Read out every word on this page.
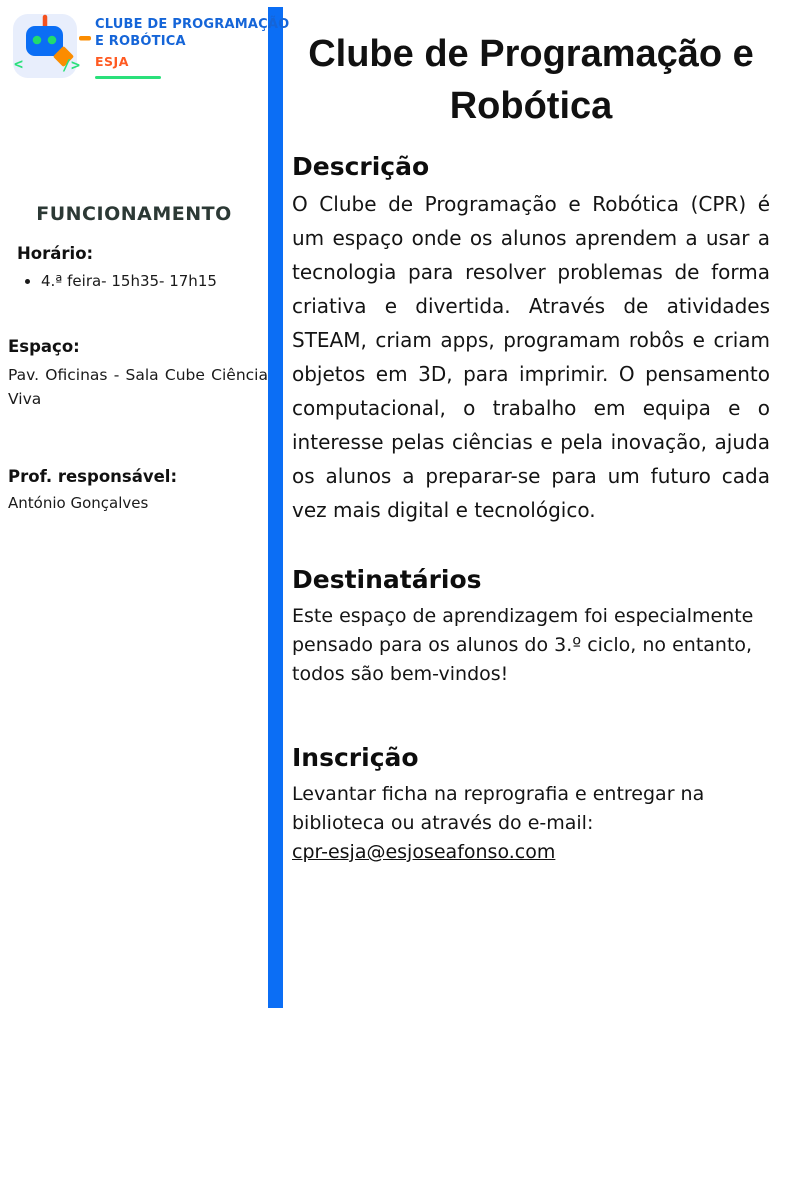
<	/>
CLUBE DE PROGRAMAÇÃO
E ROBÓTICA
ESJA
FUNCIONAMENTO
Horário:
• 4.ª feira- 15h35- 17h15
Espaço:
Pav. Oficinas - Sala Cube Ciência Viva
Prof. responsável:
António Gonçalves
Clube de Programação e Robótica
Descrição

O Clube de Programação e Robótica (CPR) é um espaço onde os alunos aprendem a usar a tecnologia para resolver problemas de forma criativa e divertida. Através de atividades STEAM, criam apps, programam robôs e criam objetos em 3D, para imprimir. O pensamento computacional, o trabalho em equipa e o interesse pelas ciências e pela inovação, ajuda os alunos a preparar-se para um futuro cada vez mais digital e tecnológico.

Destinatários

Este espaço de aprendizagem foi especialmente pensado para os alunos do 3.º ciclo, no entanto, todos são bem-vindos!

Inscrição

Levantar ficha na reprografia e entregar na biblioteca ou através do e-mail:

cpr-esja@esjoseafonso.com
